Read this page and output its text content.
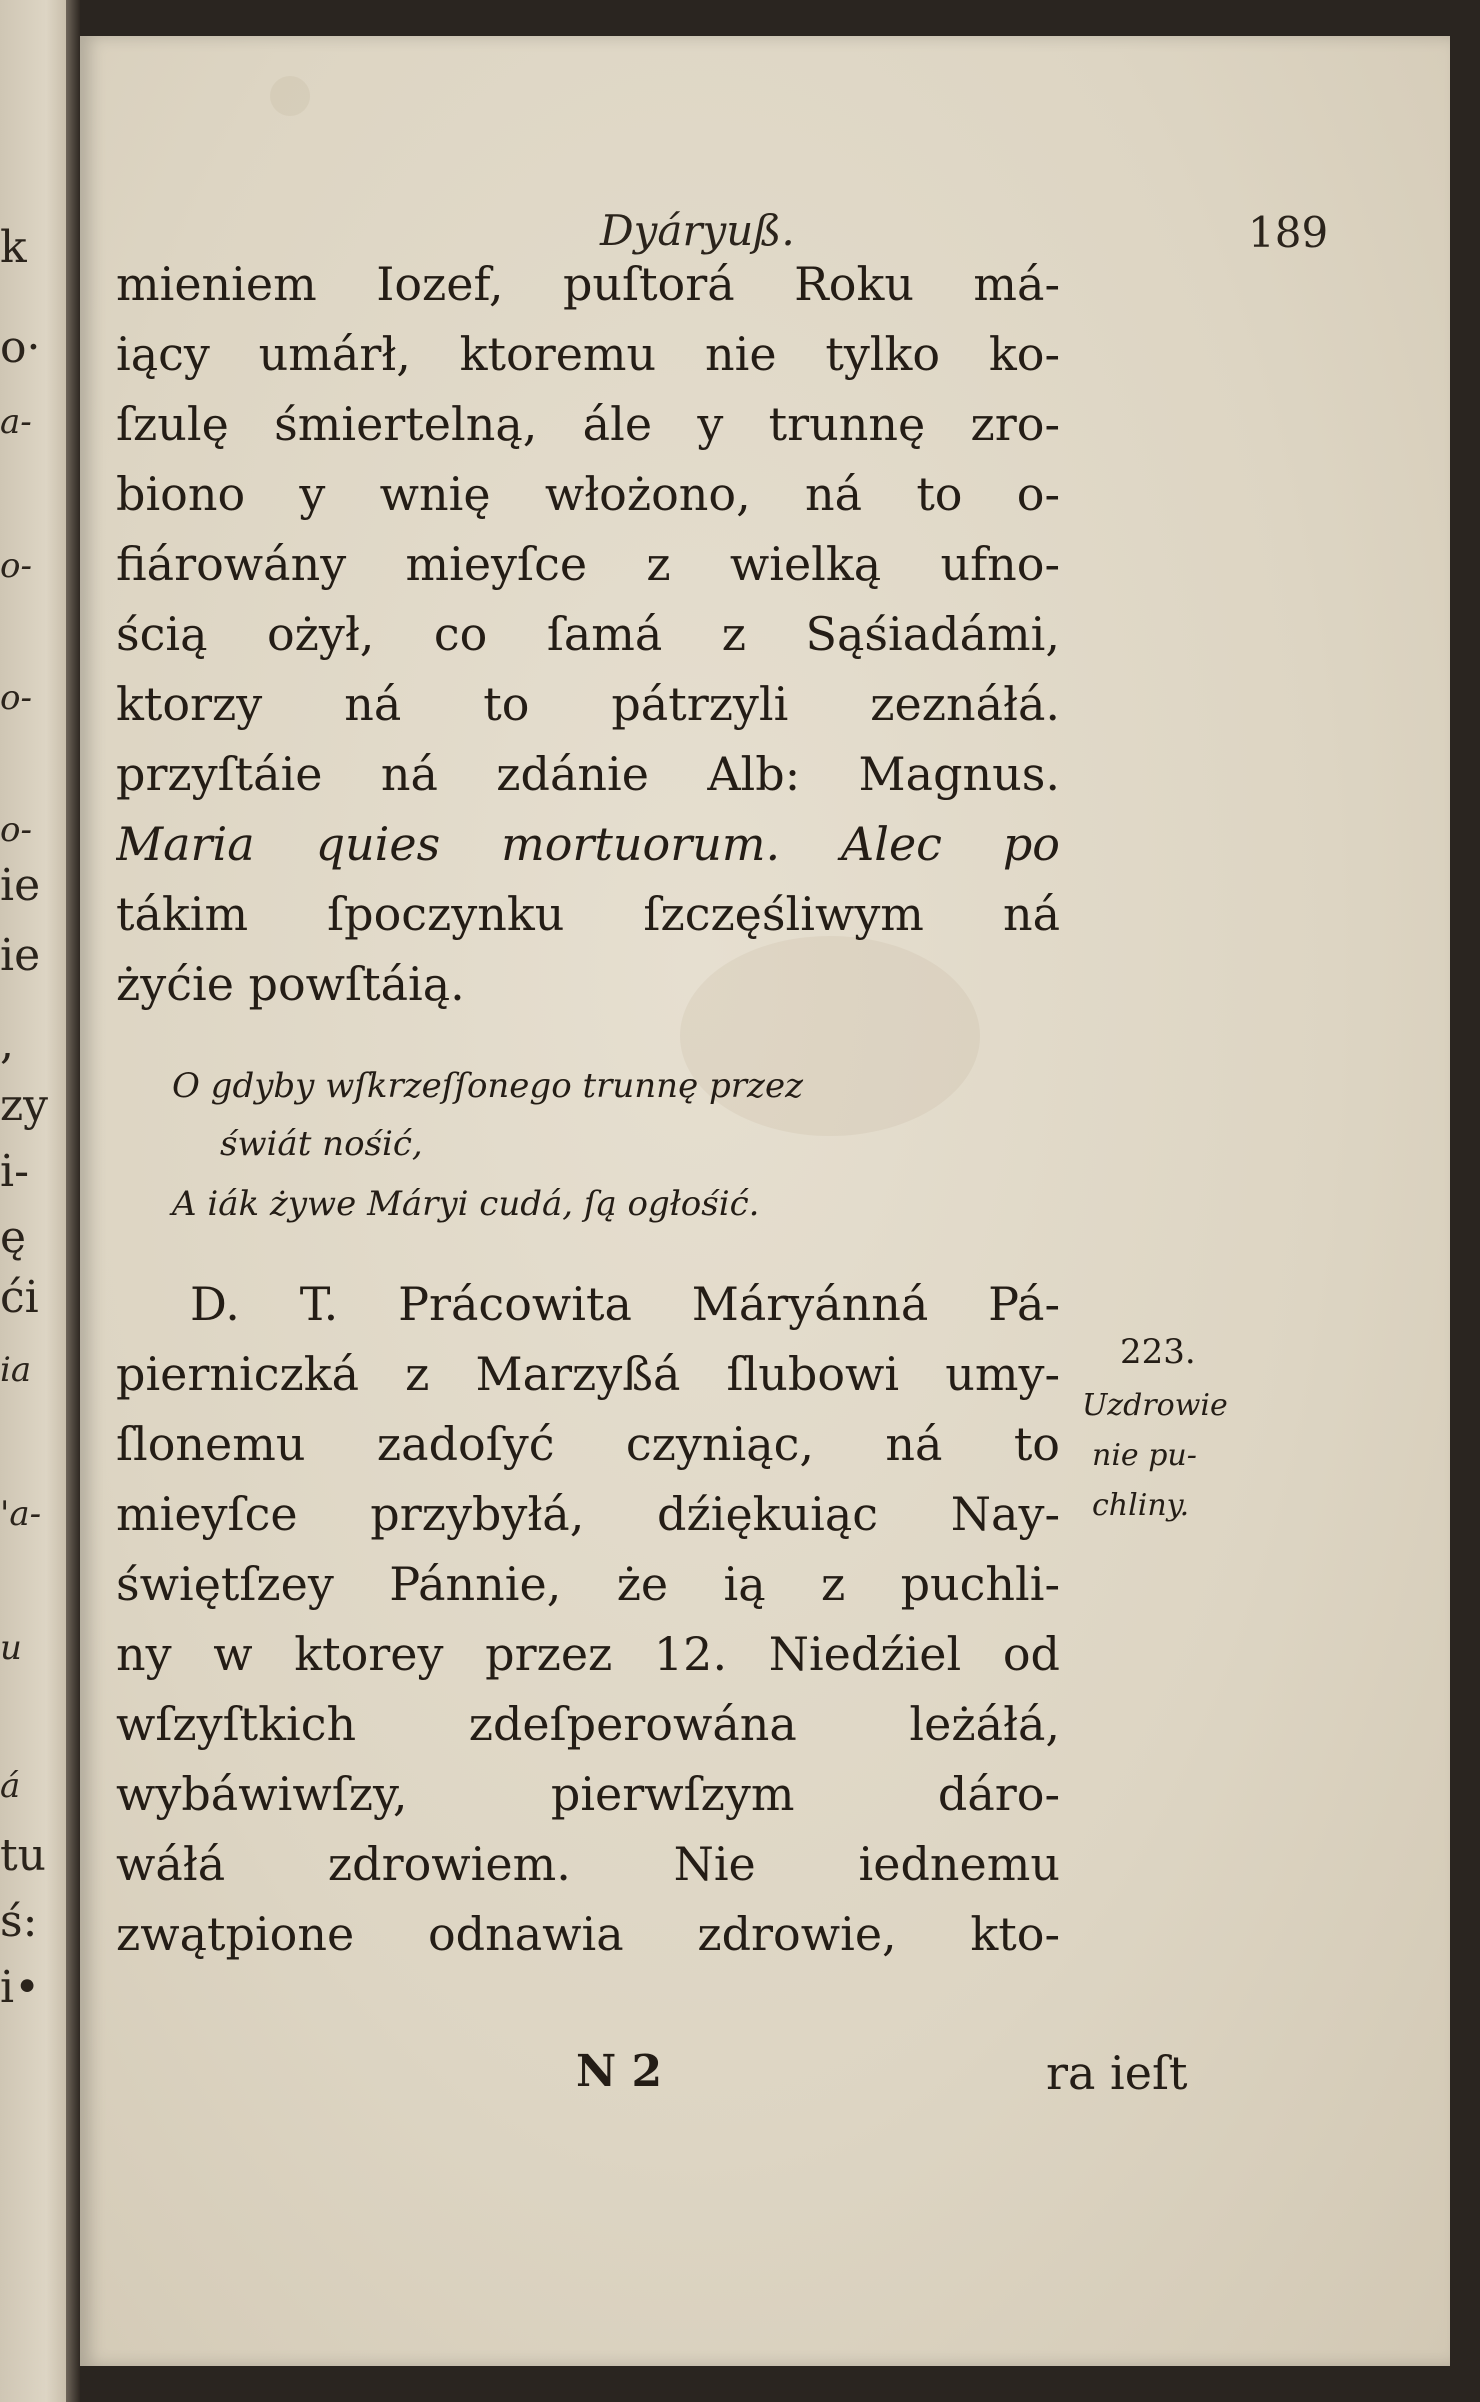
k
o·
a-
o-
o-
o-
ie
ie
,
zy
i-
ę
ći
ia
'a-
u
á
tu
ś:
i•
Dyáryuß.	189
mieniem Iozef, puſtorá Roku má-
iący umárł, ktoremu nie tylko ko-
ſzulę śmiertelną, ále y trunnę zro-
biono y wnię włożono, ná to o-
fiárowány mieyſce z wielką ufno-
ścią ożył, co ſamá z Sąśiadámi,
ktorzy ná to pátrzyli zeznáłá.
przyſtáie ná zdánie Alb: Magnus.
Maria quies mortuorum. Alec po
tákim ſpoczynku ſzczęśliwym ná
żyćie powſtáią.
O gdyby wſkrzeſſonego trunnę przez
świát nośić,
A iák żywe Máryi cudá, ſą ogłośić.
D. T. Prácowita Máryánná Pá-
pierniczká z Marzyßá ſlubowi umy-
ſlonemu zadoſyć czyniąc, ná to
mieyſce przybyłá, dźiękuiąc Nay-
świętſzey Pánnie, że ią z puchli-
ny w ktorey przez 12. Niedźiel od
wſzyſtkich zdeſperowána leżáłá,
wybáwiwſzy, pierwſzym dáro-
wáłá zdrowiem. Nie iednemu
zwątpione odnawia zdrowie, kto-
223.
Uzdrowie
nie pu-
chliny.
N 2	ra ieſt
